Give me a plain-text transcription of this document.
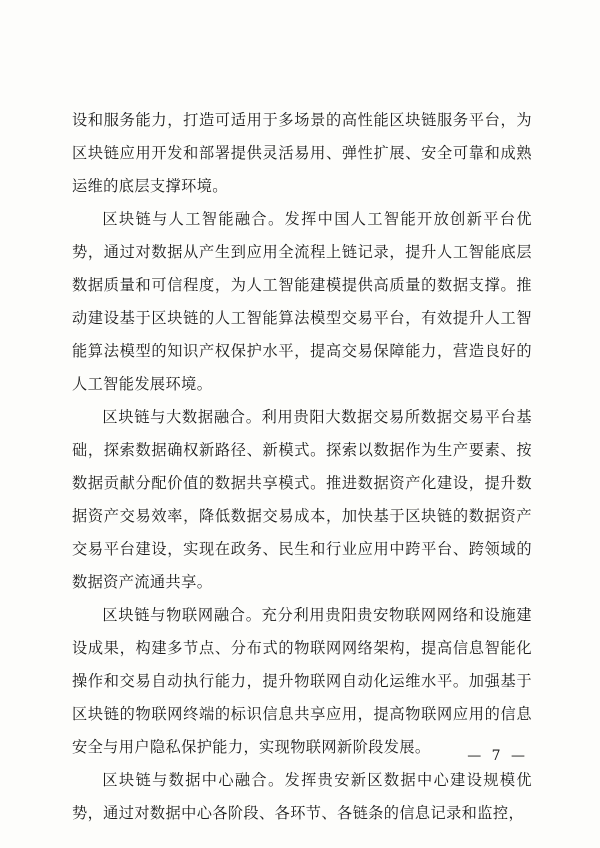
设和服务能力，打造可适用于多场景的高性能区块链服务平台，为区块链应用开发和部署提供灵活易用、弹性扩展、安全可靠和成熟运维的底层支撑环境。

区块链与人工智能融合。发挥中国人工智能开放创新平台优势，通过对数据从产生到应用全流程上链记录，提升人工智能底层数据质量和可信程度，为人工智能建模提供高质量的数据支撑。推动建设基于区块链的人工智能算法模型交易平台，有效提升人工智能算法模型的知识产权保护水平，提高交易保障能力，营造良好的人工智能发展环境。

区块链与大数据融合。利用贵阳大数据交易所数据交易平台基础，探索数据确权新路径、新模式。探索以数据作为生产要素、按数据贡献分配价值的数据共享模式。推进数据资产化建设，提升数据资产交易效率，降低数据交易成本，加快基于区块链的数据资产交易平台建设，实现在政务、民生和行业应用中跨平台、跨领域的数据资产流通共享。

区块链与物联网融合。充分利用贵阳贵安物联网网络和设施建设成果，构建多节点、分布式的物联网网络架构，提高信息智能化操作和交易自动执行能力，提升物联网自动化运维水平。加强基于区块链的物联网终端的标识信息共享应用，提高物联网应用的信息安全与用户隐私保护能力，实现物联网新阶段发展。

区块链与数据中心融合。发挥贵安新区数据中心建设规模优势，通过对数据中心各阶段、各环节、各链条的信息记录和监控，

— 7 —
